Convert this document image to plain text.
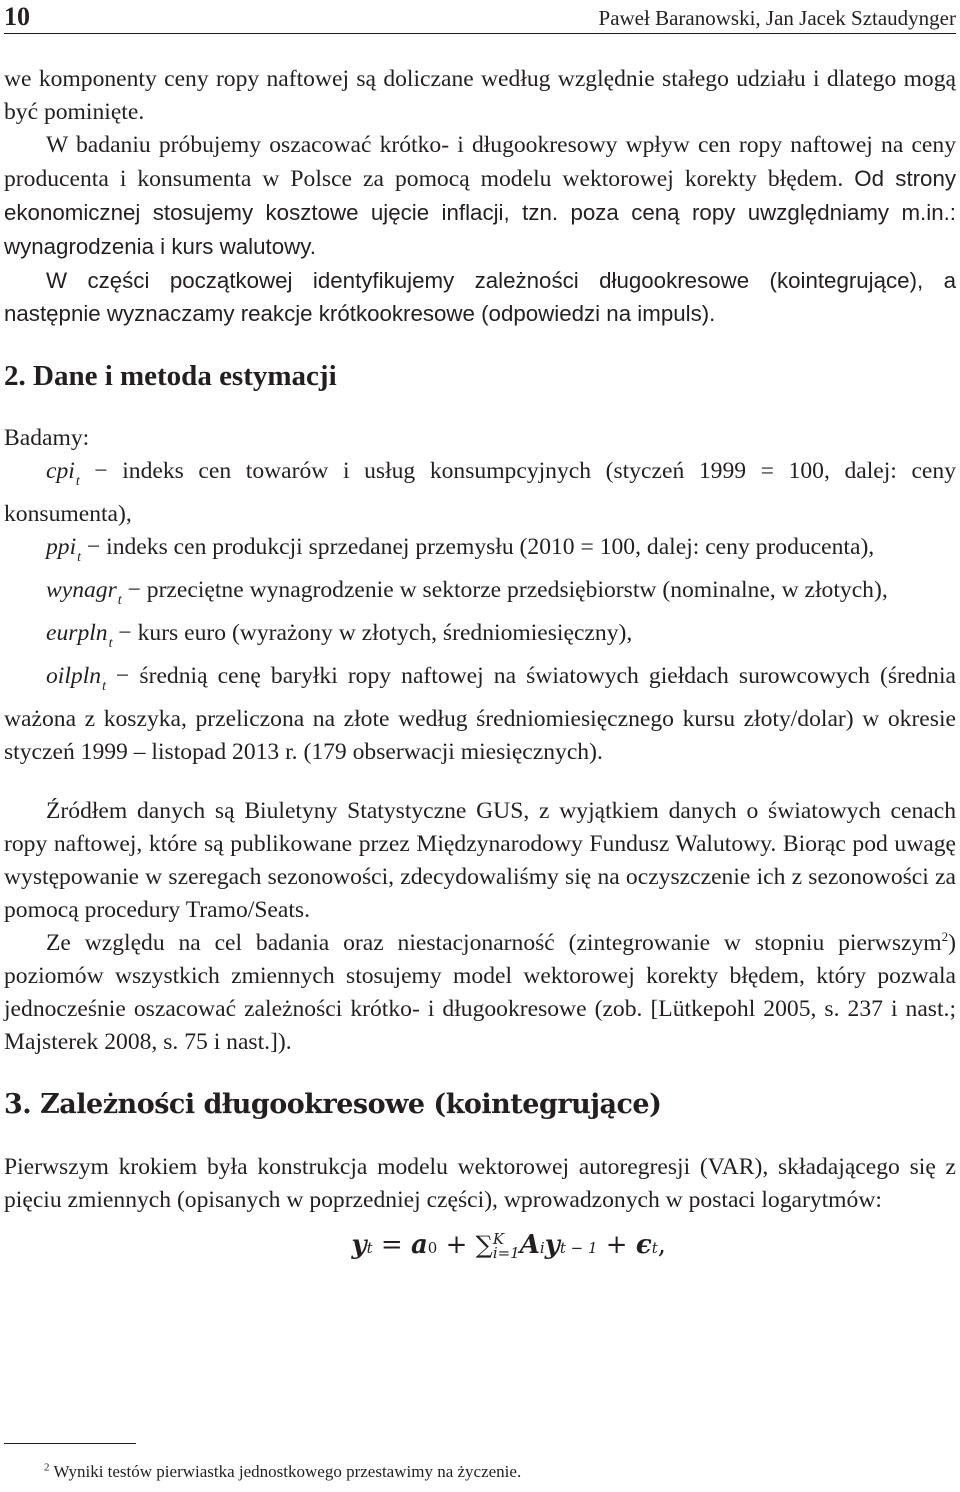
10	Paweł Baranowski, Jan Jacek Sztaudynger

we komponenty ceny ropy naftowej są doliczane według względnie stałego udziału i dlatego mogą być pominięte.

W badaniu próbujemy oszacować krótko- i długookresowy wpływ cen ropy naftowej na ceny producenta i konsumenta w Polsce za pomocą modelu wektorowej korekty błędem. Od strony ekonomicznej stosujemy kosztowe ujęcie inflacji, tzn. poza ceną ropy uwzględniamy m.in.: wynagrodzenia i kurs walutowy.

W części początkowej identyfikujemy zależności długookresowe (kointegrujące), a następnie wyznaczamy reakcje krótkookresowe (odpowiedzi na impuls).

2. Dane i metoda estymacji

Badamy:

cpi$_t$ − indeks cen towarów i usług konsumpcyjnych (styczeń 1999 = 100, dalej: ceny konsumenta),

ppi$_t$ − indeks cen produkcji sprzedanej przemysłu (2010 = 100, dalej: ceny producenta),

wynagr$_t$ − przeciętne wynagrodzenie w sektorze przedsiębiorstw (nominalne, w złotych),

eurpln$_t$ − kurs euro (wyrażony w złotych, średniomiesięczny),

oilpln$_t$ − średnią cenę baryłki ropy naftowej na światowych giełdach surowcowych (średnia ważona z koszyka, przeliczona na złote według średniomiesięcznego kursu złoty/dolar) w okresie styczeń 1999 – listopad 2013 r. (179 obserwacji miesięcznych).

Źródłem danych są Biuletyny Statystyczne GUS, z wyjątkiem danych o światowych cenach ropy naftowej, które są publikowane przez Międzynarodowy Fundusz Walutowy. Biorąc pod uwagę występowanie w szeregach sezonowości, zdecydowaliśmy się na oczyszczenie ich z sezonowości za pomocą procedury Tramo/Seats.

Ze względu na cel badania oraz niestacjonarność (zintegrowanie w stopniu pierwszym$^2$) poziomów wszystkich zmiennych stosujemy model wektorowej korekty błędem, który pozwala jednocześnie oszacować zależności krótko- i długookresowe (zob. [Lütkepohl 2005, s. 237 i nast.; Majsterek 2008, s. 75 i nast.]).

3. Zależności długookresowe (kointegrujące)

Pierwszym krokiem była konstrukcja modelu wektorowej autoregresji (VAR), składającego się z pięciu zmiennych (opisanych w poprzedniej części), wprowadzonych w postaci logarytmów:

yt = a0 + ∑ K
i=1 Aiyt − 1 + ϵt,
$^2$ Wyniki testów pierwiastka jednostkowego przestawimy na życzenie.
